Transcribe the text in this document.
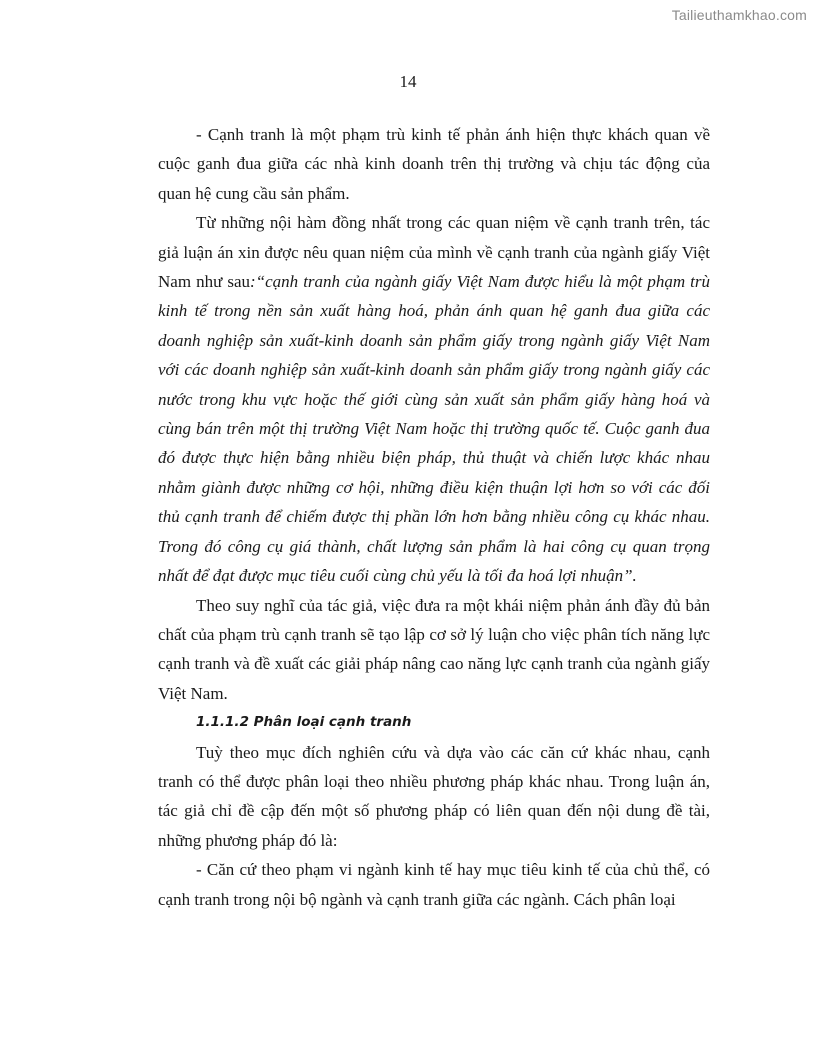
Tailieuthamkhao.com
14

- Cạnh tranh là một phạm trù kinh tế phản ánh hiện thực khách quan về cuộc ganh đua giữa các nhà kinh doanh trên thị trường và chịu tác động của quan hệ cung cầu sản phẩm.

Từ những nội hàm đồng nhất trong các quan niệm về cạnh tranh trên, tác giả luận án xin được nêu quan niệm của mình về cạnh tranh của ngành giấy Việt Nam như sau:“cạnh tranh của ngành giấy Việt Nam được hiểu là một phạm trù kinh tế trong nền sản xuất hàng hoá, phản ánh quan hệ ganh đua giữa các doanh nghiệp sản xuất-kinh doanh sản phẩm giấy trong ngành giấy Việt Nam với các doanh nghiệp sản xuất-kinh doanh sản phẩm giấy trong ngành giấy các nước trong khu vực hoặc thế giới cùng sản xuất sản phẩm giấy hàng hoá và cùng bán trên một thị trường Việt Nam hoặc thị trường quốc tế. Cuộc ganh đua đó được thực hiện bằng nhiều biện pháp, thủ thuật và chiến lược khác nhau nhằm giành được những cơ hội, những điều kiện thuận lợi hơn so với các đối thủ cạnh tranh để chiếm được thị phần lớn hơn bằng nhiều công cụ khác nhau. Trong đó công cụ giá thành, chất lượng sản phẩm là hai công cụ quan trọng nhất để đạt được mục tiêu cuối cùng chủ yếu là tối đa hoá lợi nhuận”.

Theo suy nghĩ của tác giả, việc đưa ra một khái niệm phản ánh đầy đủ bản chất của phạm trù cạnh tranh sẽ tạo lập cơ sở lý luận cho việc phân tích năng lực cạnh tranh và đề xuất các giải pháp nâng cao năng lực cạnh tranh của ngành giấy Việt Nam.

1.1.1.2 Phân loại cạnh tranh

Tuỳ theo mục đích nghiên cứu và dựa vào các căn cứ khác nhau, cạnh tranh có thể được phân loại theo nhiều phương pháp khác nhau. Trong luận án, tác giả chỉ đề cập đến một số phương pháp có liên quan đến nội dung đề tài, những phương pháp đó là:

- Căn cứ theo phạm vi ngành kinh tế hay mục tiêu kinh tế của chủ thể, có cạnh tranh trong nội bộ ngành và cạnh tranh giữa các ngành. Cách phân loại
